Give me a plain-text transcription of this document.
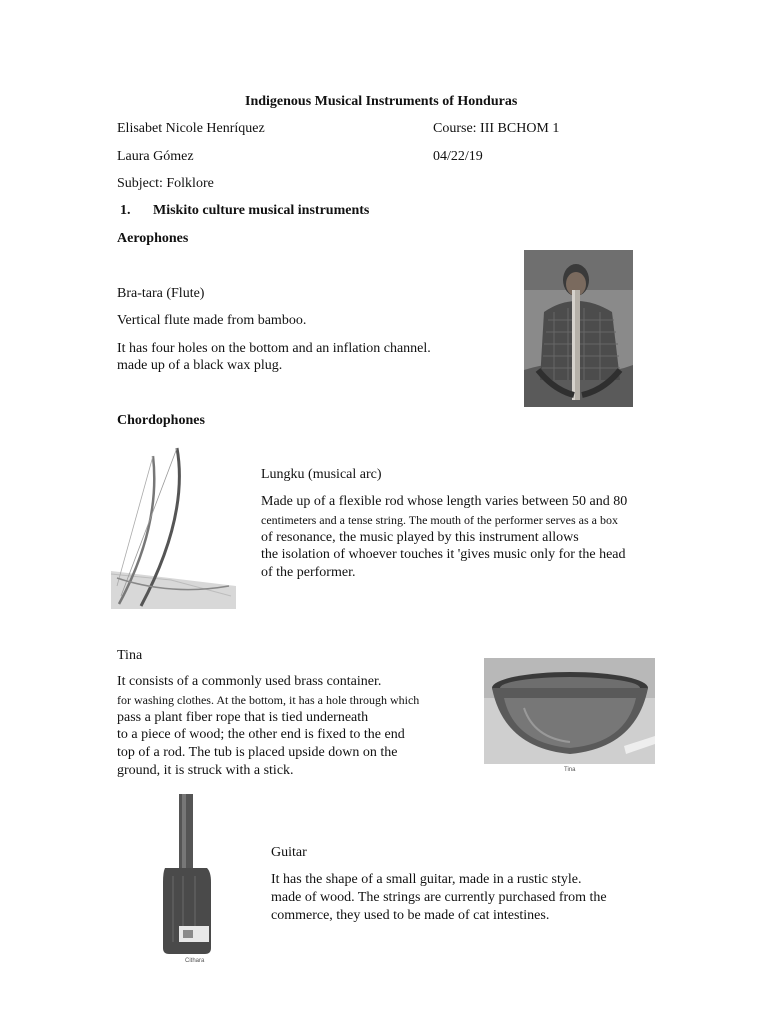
Indigenous Musical Instruments of Honduras
Elisabet Nicole Henríquez	Course: III BCHOM 1
Laura Gómez	04/22/19
Subject: Folklore
1. Miskito culture musical instruments
Aerophones
Bra-tara (Flute)
Vertical flute made from bamboo.
It has four holes on the bottom and an inflation channel.
made up of a black wax plug.
Chordophones
Lungku (musical arc)
Made up of a flexible rod whose length varies between 50 and 80
centimeters and a tense string. The mouth of the performer serves as a box
of resonance, the music played by this instrument allows
the isolation of whoever touches it 'gives music only for the head
of the performer.
Tina
It consists of a commonly used brass container.
for washing clothes. At the bottom, it has a hole through which
pass a plant fiber rope that is tied underneath
to a piece of wood; the other end is fixed to the end
top of a rod. The tub is placed upside down on the
ground, it is struck with a stick.	Tina
Cithara
Guitar
It has the shape of a small guitar, made in a rustic style.
made of wood. The strings are currently purchased from the
commerce, they used to be made of cat intestines.
